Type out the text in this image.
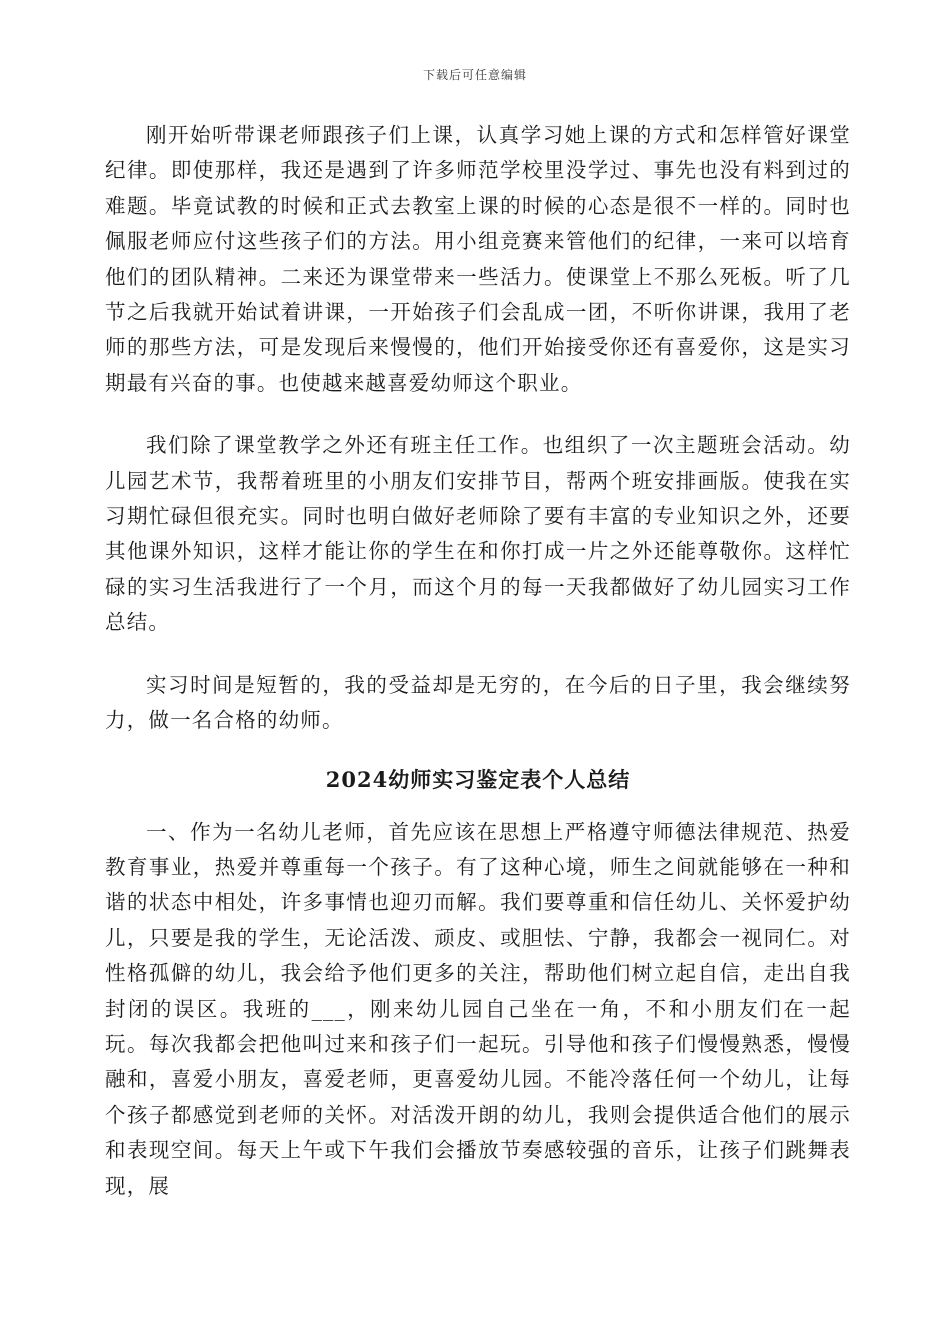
下载后可任意编辑

刚开始听带课老师跟孩子们上课，认真学习她上课的方式和怎样管好课堂纪律。即使那样，我还是遇到了许多师范学校里没学过、事先也没有料到过的难题。毕竟试教的时候和正式去教室上课的时候的心态是很不一样的。同时也佩服老师应付这些孩子们的方法。用小组竞赛来管他们的纪律，一来可以培育他们的团队精神。二来还为课堂带来一些活力。使课堂上不那么死板。听了几节之后我就开始试着讲课，一开始孩子们会乱成一团，不听你讲课，我用了老师的那些方法，可是发现后来慢慢的，他们开始接受你还有喜爱你，这是实习期最有兴奋的事。也使越来越喜爱幼师这个职业。

我们除了课堂教学之外还有班主任工作。也组织了一次主题班会活动。幼儿园艺术节，我帮着班里的小朋友们安排节目，帮两个班安排画版。使我在实习期忙碌但很充实。同时也明白做好老师除了要有丰富的专业知识之外，还要其他课外知识，这样才能让你的学生在和你打成一片之外还能尊敬你。这样忙碌的实习生活我进行了一个月，而这个月的每一天我都做好了幼儿园实习工作总结。

实习时间是短暂的，我的受益却是无穷的，在今后的日子里，我会继续努力，做一名合格的幼师。

2024幼师实习鉴定表个人总结

一、作为一名幼儿老师，首先应该在思想上严格遵守师德法律规范、热爱教育事业，热爱并尊重每一个孩子。有了这种心境，师生之间就能够在一种和谐的状态中相处，许多事情也迎刃而解。我们要尊重和信任幼儿、关怀爱护幼儿，只要是我的学生，无论活泼、顽皮、或胆怯、宁静，我都会一视同仁。对性格孤僻的幼儿，我会给予他们更多的关注，帮助他们树立起自信，走出自我封闭的误区。我班的___，刚来幼儿园自己坐在一角，不和小朋友们在一起玩。每次我都会把他叫过来和孩子们一起玩。引导他和孩子们慢慢熟悉，慢慢融和，喜爱小朋友，喜爱老师，更喜爱幼儿园。不能冷落任何一个幼儿，让每个孩子都感觉到老师的关怀。对活泼开朗的幼儿，我则会提供适合他们的展示和表现空间。每天上午或下午我们会播放节奏感较强的音乐，让孩子们跳舞表现，展
